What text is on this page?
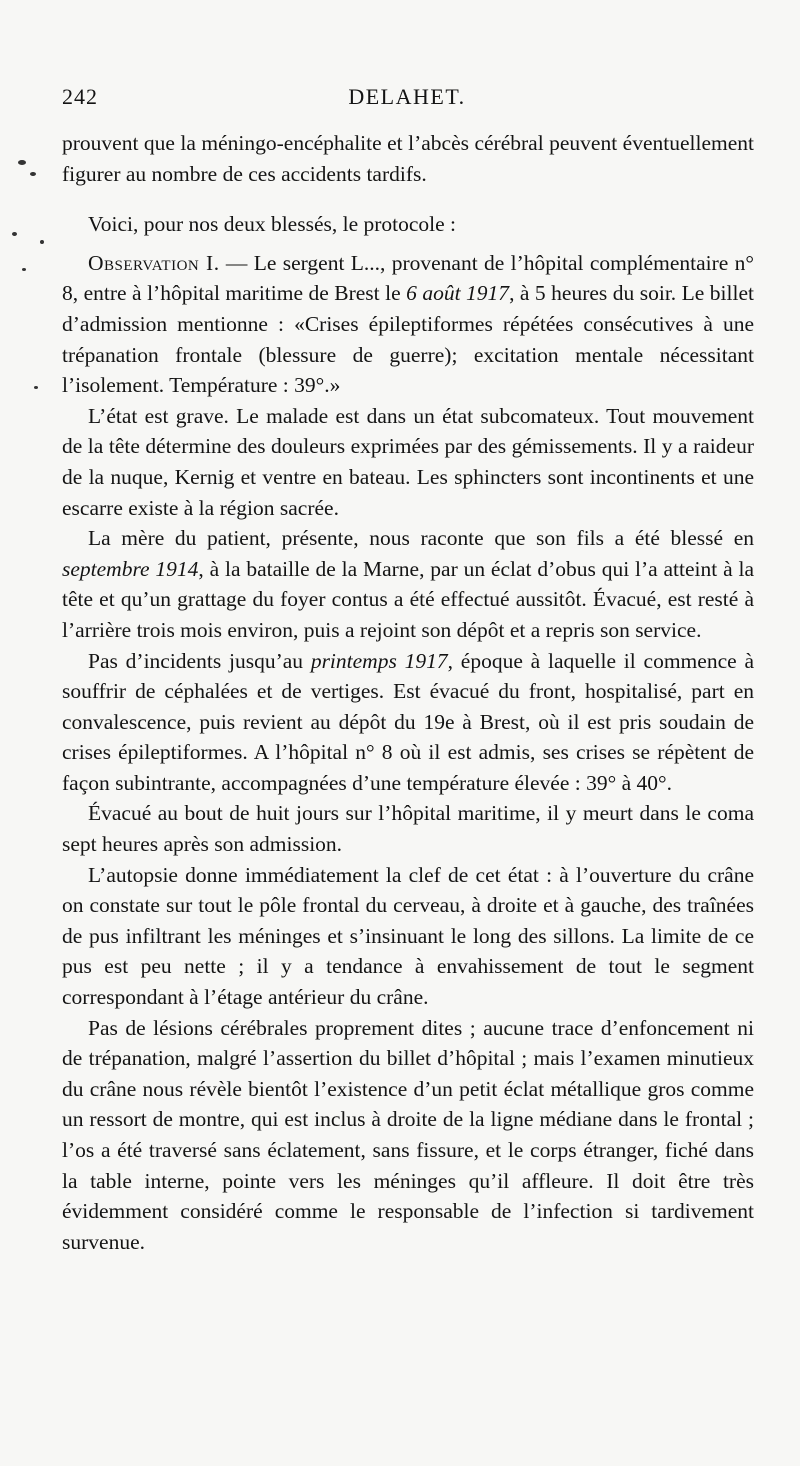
242	DELAHET.

prouvent que la méningo-encéphalite et l’abcès cérébral peuvent éventuellement figurer au nombre de ces accidents tardifs.

Voici, pour nos deux blessés, le protocole :

Observation I. — Le sergent L..., provenant de l’hôpital complémentaire n° 8, entre à l’hôpital maritime de Brest le 6 août 1917, à 5 heures du soir. Le billet d’admission mentionne : «Crises épileptiformes répétées consécutives à une trépanation frontale (blessure de guerre); excitation mentale nécessitant l’isolement. Température : 39°.»

L’état est grave. Le malade est dans un état subcomateux. Tout mouvement de la tête détermine des douleurs exprimées par des gémissements. Il y a raideur de la nuque, Kernig et ventre en bateau. Les sphincters sont incontinents et une escarre existe à la région sacrée.

La mère du patient, présente, nous raconte que son fils a été blessé en septembre 1914, à la bataille de la Marne, par un éclat d’obus qui l’a atteint à la tête et qu’un grattage du foyer contus a été effectué aussitôt. Évacué, est resté à l’arrière trois mois environ, puis a rejoint son dépôt et a repris son service.

Pas d’incidents jusqu’au printemps 1917, époque à laquelle il commence à souffrir de céphalées et de vertiges. Est évacué du front, hospitalisé, part en convalescence, puis revient au dépôt du 19e à Brest, où il est pris soudain de crises épileptiformes. A l’hôpital n° 8 où il est admis, ses crises se répètent de façon subintrante, accompagnées d’une température élevée : 39° à 40°.

Évacué au bout de huit jours sur l’hôpital maritime, il y meurt dans le coma sept heures après son admission.

L’autopsie donne immédiatement la clef de cet état : à l’ouverture du crâne on constate sur tout le pôle frontal du cerveau, à droite et à gauche, des traînées de pus infiltrant les méninges et s’insinuant le long des sillons. La limite de ce pus est peu nette ; il y a tendance à envahissement de tout le segment correspondant à l’étage antérieur du crâne.

Pas de lésions cérébrales proprement dites ; aucune trace d’enfoncement ni de trépanation, malgré l’assertion du billet d’hôpital ; mais l’examen minutieux du crâne nous révèle bientôt l’existence d’un petit éclat métallique gros comme un ressort de montre, qui est inclus à droite de la ligne médiane dans le frontal ; l’os a été traversé sans éclatement, sans fissure, et le corps étranger, fiché dans la table interne, pointe vers les méninges qu’il affleure. Il doit être très évidemment considéré comme le responsable de l’infection si tardivement survenue.
